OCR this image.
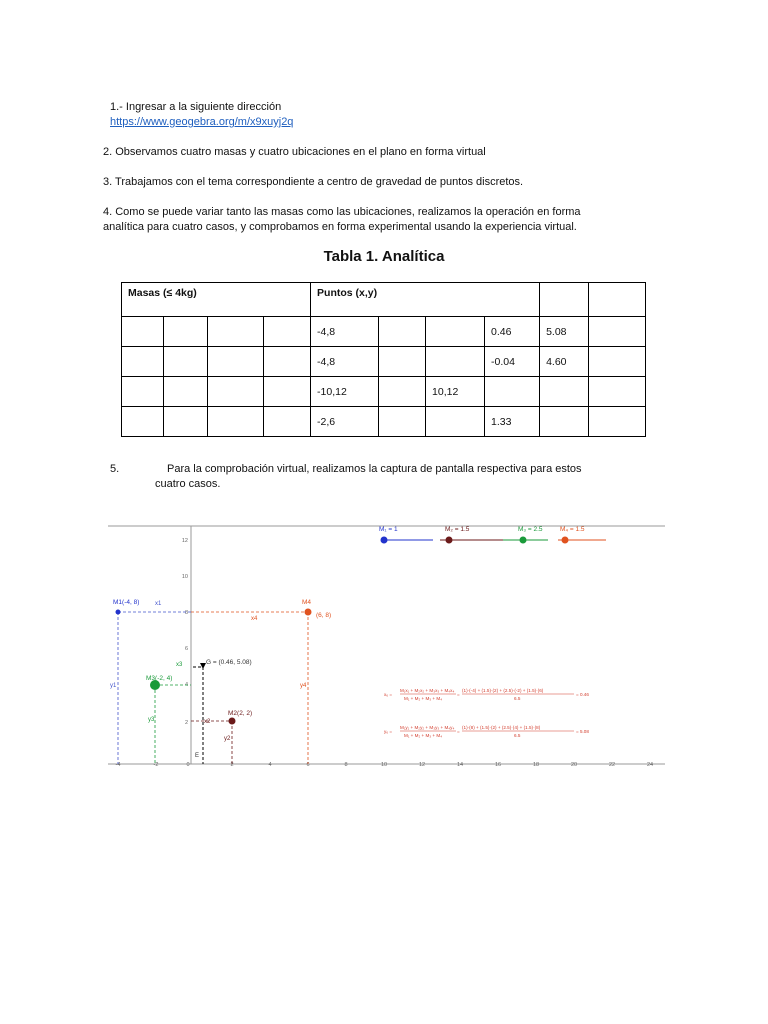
1.- Ingresar a la siguiente dirección
https://www.geogebra.org/m/x9xuyj2q
2. Observamos cuatro masas y cuatro ubicaciones en el plano en forma virtual
3. Trabajamos con el tema correspondiente a centro de gravedad de puntos discretos.
4. Como se puede variar tanto las masas como las ubicaciones, realizamos la operación en forma
analítica para cuatro casos, y comprobamos en forma experimental usando la experiencia virtual.
Tabla 1. Analítica
Masas (≤ 4kg)				Puntos (x,y)					
				-4,8			0.46	5.08	
				-4,8			-0.04	4.60	
				-10,12		10,12			
				-2,6			1.33		
5.	Para la comprobación virtual, realizamos la captura de pantalla respectiva para estos
cuatro casos.
-4	-2	0	2	4	6	8	10	12	14	16	18	20	22	24
2
4
6
8
10
12
M₁ = 1	M₂ = 1.5	M₃ = 2.5	M₄ = 1.5
M1(-4, 8)	M4
(6, 8)
M3(-2, 4)
M2(2, 2)
G = (0.46, 5.08)
x1
y1
x4
y4
x3
y3	x2
y2
E
x₆ =
M₁x₁ + M₂x₂ + M₃x₃ + M₄x₄
M₁ + M₂ + M₃ + M₄
=
(1)·(-4) + (1.5)·(2) + (2.5)·(-2) + (1.5)·(6)
6.5
= 0.46
y₆ =
M₁y₁ + M₂y₂ + M₃y₃ + M₄y₄
M₁ + M₂ + M₃ + M₄
=
(1)·(8) + (1.5)·(2) + (2.5)·(4) + (1.5)·(8)
6.5
= 5.08
